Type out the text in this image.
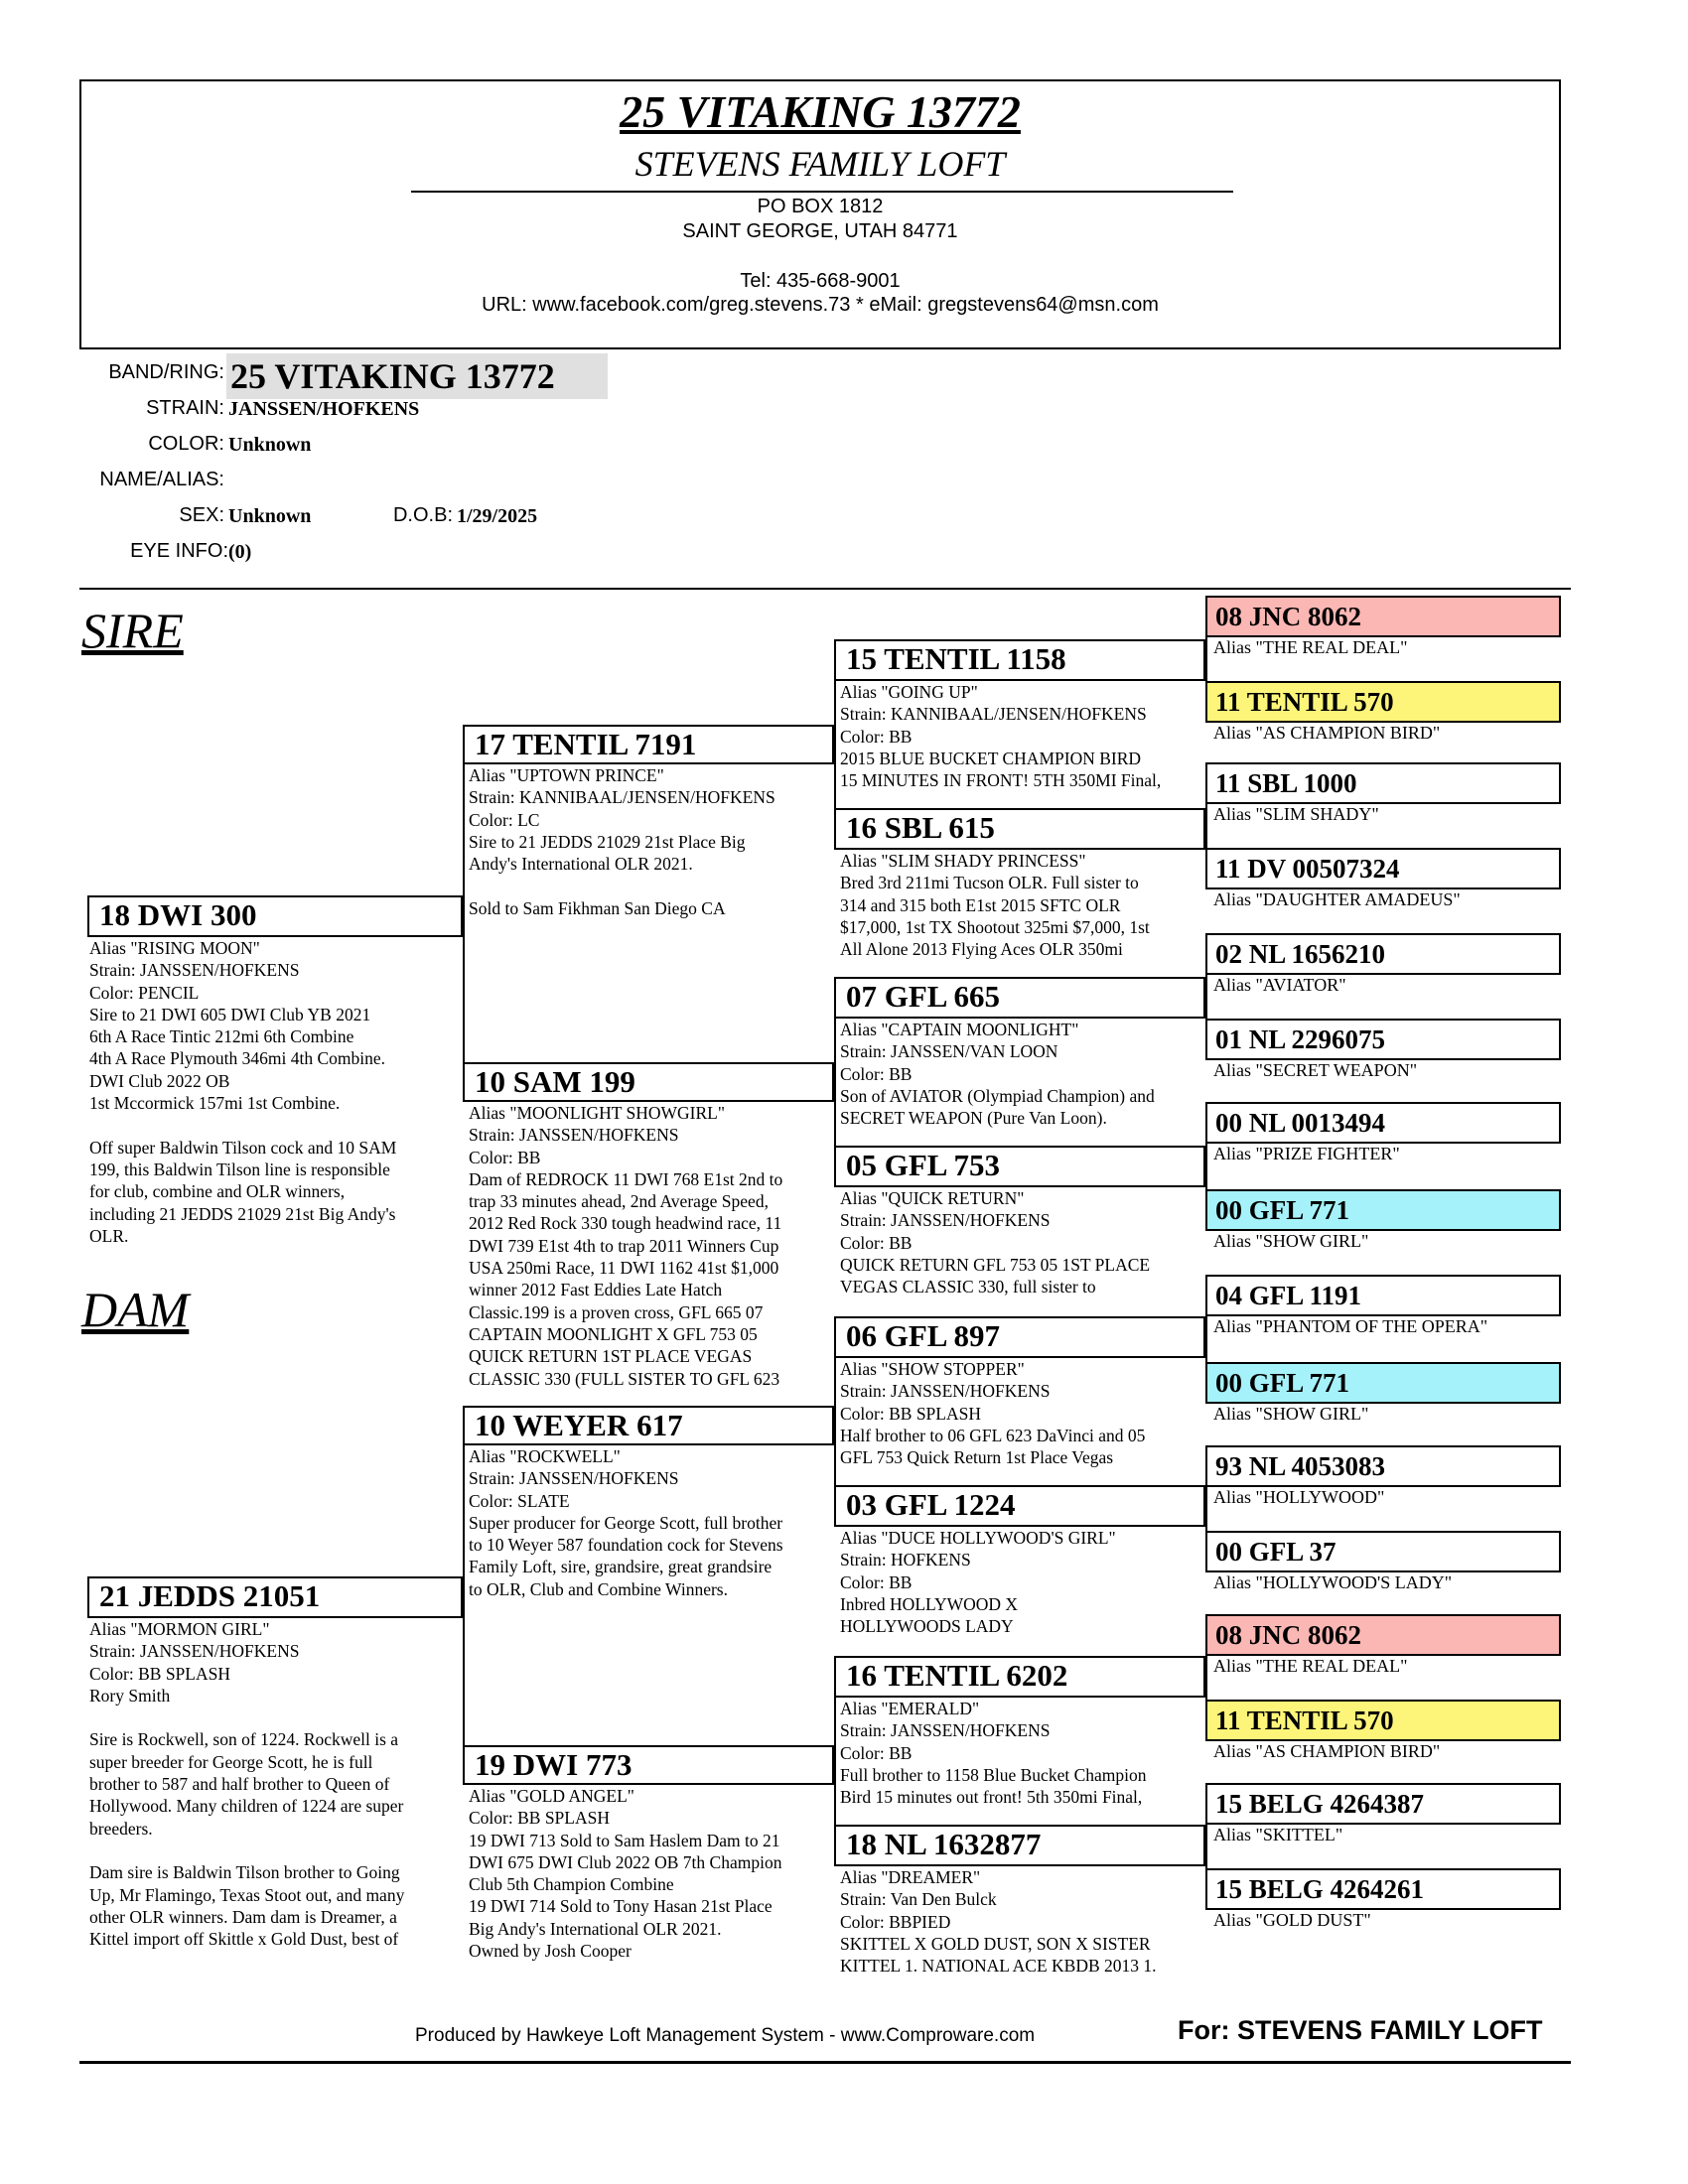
25 VITAKING 13772
STEVENS FAMILY LOFT
PO BOX 1812
SAINT GEORGE, UTAH 84771
Tel: 435-668-9001
URL: www.facebook.com/greg.stevens.73 * eMail: gregstevens64@msn.com
BAND/RING: 25 VITAKING 13772
STRAIN: JANSSEN/HOFKENS
COLOR: Unknown
NAME/ALIAS:
SEX: Unknown	D.O.B: 1/29/2025
EYE INFO: (0)
SIRE
DAM
18 DWI 300
Alias "RISING MOON"
Strain: JANSSEN/HOFKENS
Color: PENCIL
Sire to 21 DWI 605 DWI Club YB 2021
6th A Race Tintic 212mi 6th Combine
4th A Race Plymouth 346mi 4th Combine.
DWI Club 2022 OB
1st Mccormick 157mi 1st Combine.
Off super Baldwin Tilson cock and 10 SAM
199, this Baldwin Tilson line is responsible
for club, combine and OLR winners,
including 21 JEDDS 21029 21st Big Andy's
OLR.
21 JEDDS 21051
Alias "MORMON GIRL"
Strain: JANSSEN/HOFKENS
Color: BB SPLASH
Rory Smith
Sire is Rockwell, son of 1224. Rockwell is a
super breeder for George Scott, he is full
brother to 587 and half brother to Queen of
Hollywood. Many children of 1224 are super
breeders.
Dam sire is Baldwin Tilson brother to Going
Up, Mr Flamingo, Texas Stoot out, and many
other OLR winners. Dam dam is Dreamer, a
Kittel import off Skittle x Gold Dust, best of
17 TENTIL 7191
Alias "UPTOWN PRINCE"
Strain: KANNIBAAL/JENSEN/HOFKENS
Color: LC
Sire to 21 JEDDS 21029 21st Place Big
Andy's International OLR 2021.
Sold to Sam Fikhman San Diego CA
10 SAM 199
Alias "MOONLIGHT SHOWGIRL"
Strain: JANSSEN/HOFKENS
Color: BB
Dam of REDROCK 11 DWI 768 E1st 2nd to
trap 33 minutes ahead, 2nd Average Speed,
2012 Red Rock 330 tough headwind race, 11
DWI 739 E1st 4th to trap 2011 Winners Cup
USA 250mi Race, 11 DWI 1162 41st $1,000
winner 2012 Fast Eddies Late Hatch
Classic.199 is a proven cross, GFL 665 07
CAPTAIN MOONLIGHT X GFL 753 05
QUICK RETURN 1ST PLACE VEGAS
CLASSIC 330 (FULL SISTER TO GFL 623
10 WEYER 617
Alias "ROCKWELL"
Strain: JANSSEN/HOFKENS
Color: SLATE
Super producer for George Scott, full brother
to 10 Weyer 587 foundation cock for Stevens
Family Loft, sire, grandsire, great grandsire
to OLR, Club and Combine Winners.
19 DWI 773
Alias "GOLD ANGEL"
Color: BB SPLASH
19 DWI 713 Sold to Sam Haslem Dam to 21
DWI 675 DWI Club 2022 OB 7th Champion
Club 5th Champion Combine
19 DWI 714 Sold to Tony Hasan 21st Place
Big Andy's International OLR 2021.
Owned by Josh Cooper
15 TENTIL 1158
Alias "GOING UP"
Strain: KANNIBAAL/JENSEN/HOFKENS
Color: BB
2015 BLUE BUCKET CHAMPION BIRD
15 MINUTES IN FRONT! 5TH 350MI Final,
16 SBL 615
Alias "SLIM SHADY PRINCESS"
Bred 3rd 211mi Tucson OLR. Full sister to
314 and 315 both E1st 2015 SFTC OLR
$17,000, 1st TX Shootout 325mi $7,000, 1st
All Alone 2013 Flying Aces OLR 350mi
07 GFL 665
Alias "CAPTAIN MOONLIGHT"
Strain: JANSSEN/VAN LOON
Color: BB
Son of AVIATOR (Olympiad Champion) and
SECRET WEAPON (Pure Van Loon).
05 GFL 753
Alias "QUICK RETURN"
Strain: JANSSEN/HOFKENS
Color: BB
QUICK RETURN GFL 753 05 1ST PLACE
VEGAS CLASSIC 330, full sister to
06 GFL 897
Alias "SHOW STOPPER"
Strain: JANSSEN/HOFKENS
Color: BB SPLASH
Half brother to 06 GFL 623 DaVinci and 05
GFL 753 Quick Return 1st Place Vegas
03 GFL 1224
Alias "DUCE HOLLYWOOD'S GIRL"
Strain: HOFKENS
Color: BB
Inbred HOLLYWOOD X
HOLLYWOODS LADY
16 TENTIL 6202
Alias "EMERALD"
Strain: JANSSEN/HOFKENS
Color: BB
Full brother to 1158 Blue Bucket Champion
Bird 15 minutes out front! 5th 350mi Final,
18 NL 1632877
Alias "DREAMER"
Strain: Van Den Bulck
Color: BBPIED
SKITTEL X GOLD DUST, SON X SISTER
KITTEL 1. NATIONAL ACE KBDB 2013 1.
08 JNC 8062
Alias "THE REAL DEAL"
11 TENTIL 570
Alias "AS CHAMPION BIRD"
11 SBL 1000
Alias "SLIM SHADY"
11 DV 00507324
Alias "DAUGHTER AMADEUS"
02 NL 1656210
Alias "AVIATOR"
01 NL 2296075
Alias "SECRET WEAPON"
00 NL 0013494
Alias "PRIZE FIGHTER"
00 GFL 771
Alias "SHOW GIRL"
04 GFL 1191
Alias "PHANTOM OF THE OPERA"
00 GFL 771
Alias "SHOW GIRL"
93 NL 4053083
Alias "HOLLYWOOD"
00 GFL 37
Alias "HOLLYWOOD'S LADY"
08 JNC 8062
Alias "THE REAL DEAL"
11 TENTIL 570
Alias "AS CHAMPION BIRD"
15 BELG 4264387
Alias "SKITTEL"
15 BELG 4264261
Alias "GOLD DUST"
Produced by Hawkeye Loft Management System - www.Comproware.com	For: STEVENS FAMILY LOFT
